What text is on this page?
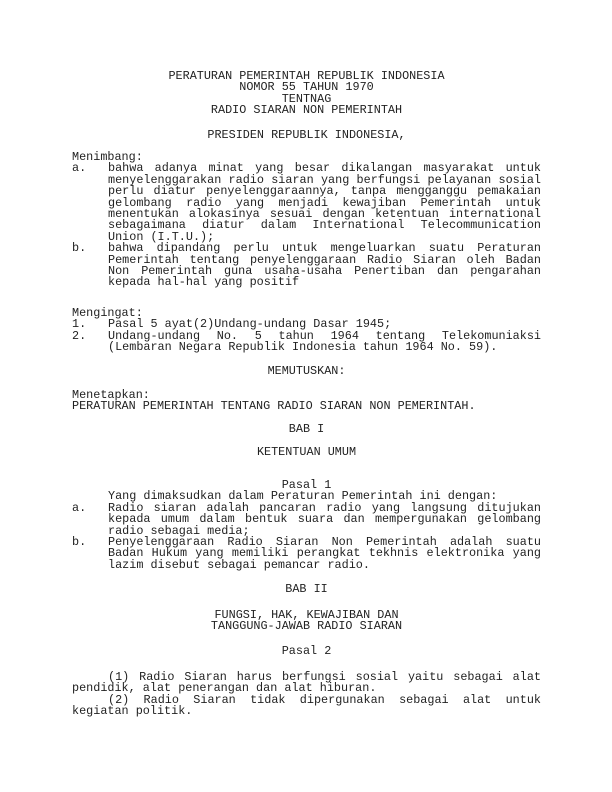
PERATURAN PEMERINTAH REPUBLIK INDONESIA
NOMOR 55 TAHUN 1970
TENTNAG
RADIO SIARAN NON PEMERINTAH
PRESIDEN REPUBLIK INDONESIA,
Menimbang:
a.	bahwa adanya minat yang besar dikalangan masyarakat untuk
menyelenggarakan radio siaran yang berfungsi pelayanan sosial
perlu diatur penyelenggaraannya, tanpa mengganggu pemakaian
gelombang radio yang menjadi kewajiban Pemerintah untuk
menentukan alokasinya sesuai dengan ketentuan international
sebagaimana diatur dalam International Telecommunication
Union (I.T.U.);
b.	bahwa dipandang perlu untuk mengeluarkan suatu Peraturan
Pemerintah tentang penyelenggaraan Radio Siaran oleh Badan
Non Pemerintah guna usaha-usaha Penertiban dan pengarahan
kepada hal-hal yang positif
Mengingat:
1.	Pasal 5 ayat(2)Undang-undang Dasar 1945;
2.	Undang-undang No. 5 tahun 1964 tentang Telekomuniaksi
(Lembaran Negara Republik Indonesia tahun 1964 No. 59).
MEMUTUSKAN:
Menetapkan:
PERATURAN PEMERINTAH TENTANG RADIO SIARAN NON PEMERINTAH.
BAB I
KETENTUAN UMUM
Pasal 1
Yang dimaksudkan dalam Peraturan Pemerintah ini dengan:
a.	Radio siaran adalah pancaran radio yang langsung ditujukan
kepada umum dalam bentuk suara dan mempergunakan gelombang
radio sebagai media;
b.	Penyelenggaraan Radio Siaran Non Pemerintah adalah suatu
Badan Hukum yang memiliki perangkat tekhnis elektronika yang
lazim disebut sebagai pemancar radio.
BAB II
FUNGSI, HAK, KEWAJIBAN DAN
TANGGUNG-JAWAB RADIO SIARAN
Pasal 2
(1) Radio Siaran harus berfungsi sosial yaitu sebagai alat
pendidik, alat penerangan dan alat hiburan.
(2) Radio Siaran tidak dipergunakan sebagai alat untuk
kegiatan politik.
